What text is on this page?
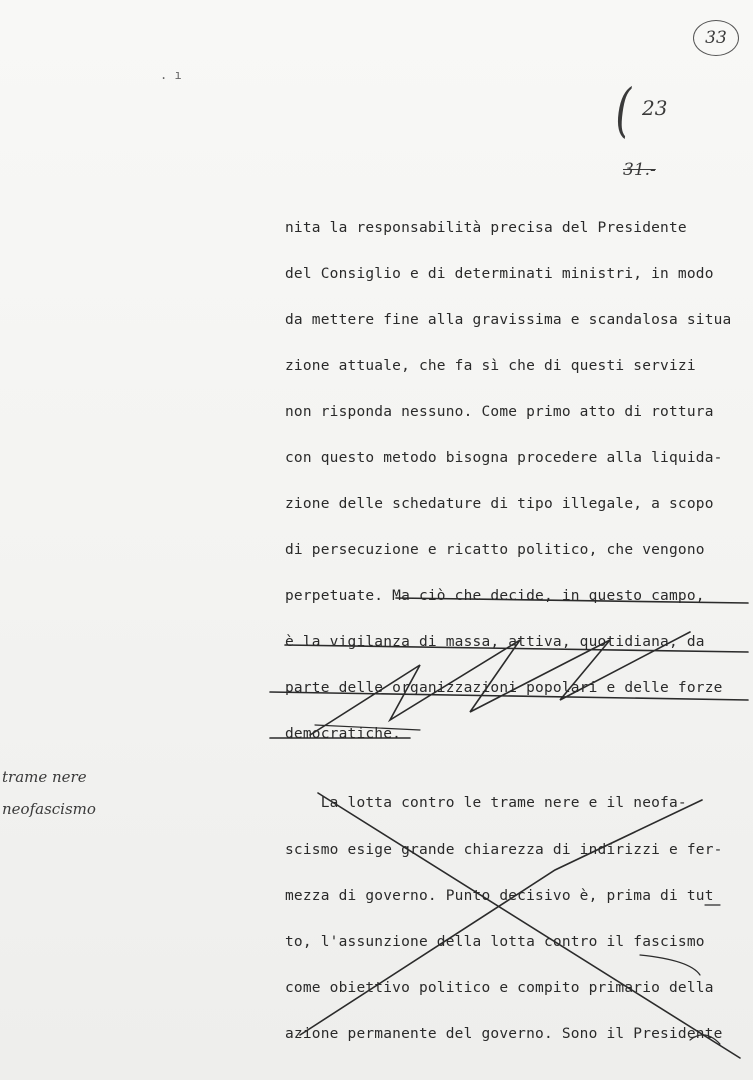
. ı
33
( 23
31.-
trame nere
neofascismo

nita la responsabilità precisa del Presidente

del Consiglio e di determinati ministri, in modo

da mettere fine alla gravissima e scandalosa situa

zione attuale, che fa sì che di questi servizi

non risponda nessuno. Come primo atto di rottura

con questo metodo bisogna procedere alla liquida-

zione delle schedature di tipo illegale, a scopo

di persecuzione e ricatto politico, che vengono

perpetuate. Ma ciò che decide, in questo campo,

è la vigilanza di massa, attiva, quotidiana, da

parte delle organizzazioni popolari e delle forze

democratiche.

La lotta contro le trame nere e il neofa-

scismo esige grande chiarezza di indirizzi e fer-

mezza di governo. Punto decisivo è, prima di tut

to, l'assunzione della lotta contro il fascismo

come obiettivo politico e compito primario della

azione permanente del governo. Sono il Presidente
